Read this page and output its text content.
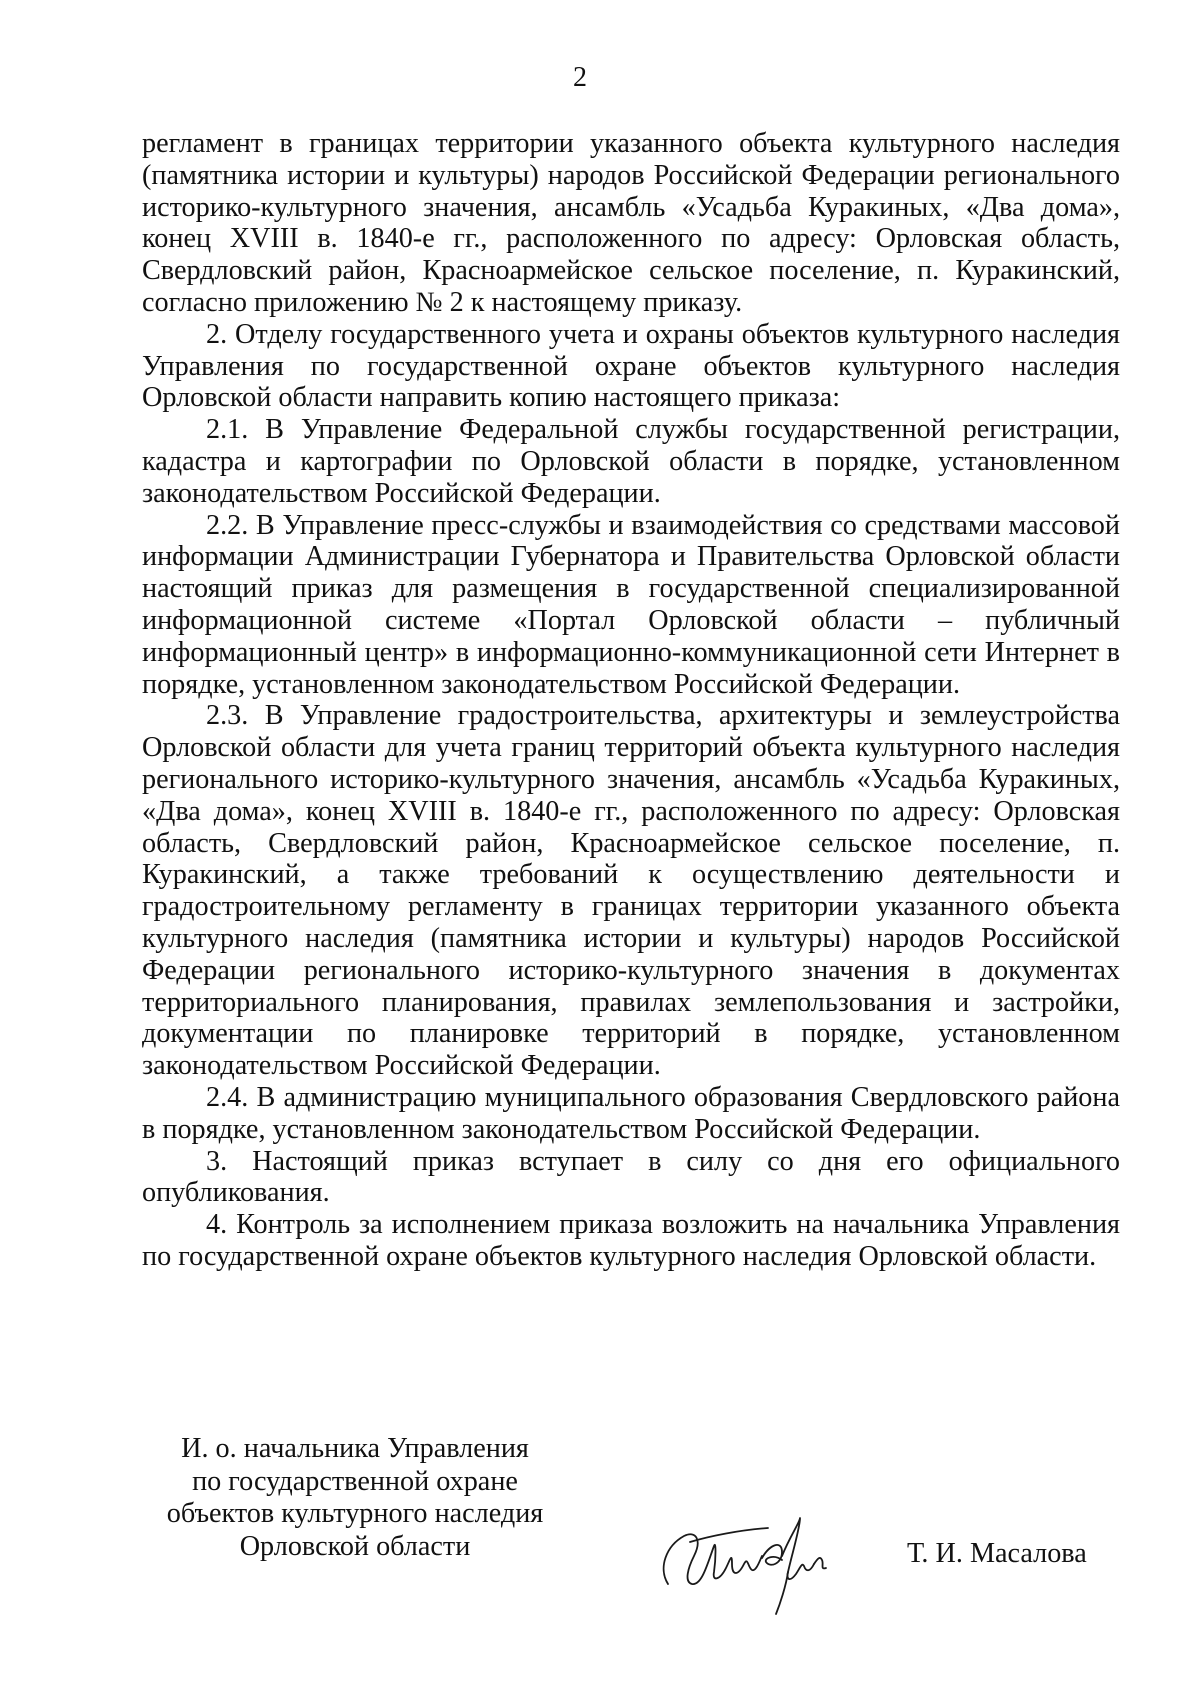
2

регламент в границах территории указанного объекта культурного наследия (памятника истории и культуры) народов Российской Федерации регионального историко-культурного значения, ансамбль «Усадьба Куракиных, «Два дома», конец XVIII в. 1840-е гг., расположенного по адресу: Орловская область, Свердловский район, Красноармейское сельское поселение, п. Куракинский, согласно приложению № 2 к настоящему приказу.

2. Отделу государственного учета и охраны объектов культурного наследия Управления по государственной охране объектов культурного наследия Орловской области направить копию настоящего приказа:

2.1. В Управление Федеральной службы государственной регистрации, кадастра и картографии по Орловской области в порядке, установленном законодательством Российской Федерации.

2.2. В Управление пресс-службы и взаимодействия со средствами массовой информации Администрации Губернатора и Правительства Орловской области настоящий приказ для размещения в государственной специализированной информационной системе «Портал Орловской области – публичный информационный центр» в информационно-коммуникационной сети Интернет в порядке, установленном законодательством Российской Федерации.

2.3. В Управление градостроительства, архитектуры и землеустройства Орловской области для учета границ территорий объекта культурного наследия регионального историко-культурного значения, ансамбль «Усадьба Куракиных, «Два дома», конец XVIII в. 1840-е гг., расположенного по адресу: Орловская область, Свердловский район, Красноармейское сельское поселение, п. Куракинский, а также требований к осуществлению деятельности и градостроительному регламенту в границах территории указанного объекта культурного наследия (памятника истории и культуры) народов Российской Федерации регионального историко-культурного значения в документах территориального планирования, правилах землепользования и застройки, документации по планировке территорий в порядке, установленном законодательством Российской Федерации.

2.4. В администрацию муниципального образования Свердловского района в порядке, установленном законодательством Российской Федерации.

3. Настоящий приказ вступает в силу со дня его официального опубликования.

4. Контроль за исполнением приказа возложить на начальника Управления по государственной охране объектов культурного наследия Орловской области.

И. о. начальника Управления
по государственной охране
объектов культурного наследия
Орловской области	Т. И. Масалова
